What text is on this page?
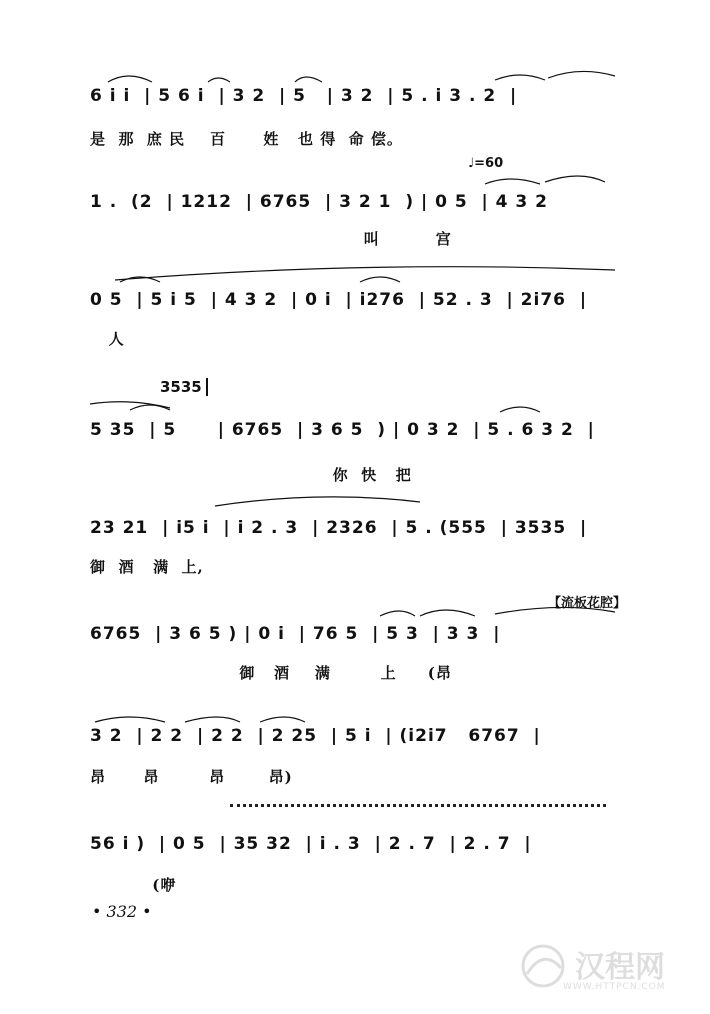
6 i i  | 5 6 i  | 3 2  | 5   | 3 2  | 5 . i 3 . 2  |
是  那  庶 民    百      姓   也 得  命 偿。
♩=60
1 .  (2  | 1212  | 6765  | 3 2 1  ) | 0 5  | 4 3 2
叫         宫
0 5  | 5 i 5  | 4 3 2  | 0 i  | i276  | 52 . 3  | 2i76  |
人
3535
5 35  | 5      | 6765  | 3 6 5  ) | 0 3 2  | 5 . 6 3 2  |
你  快   把
23 21  | i5 i  | i 2 . 3  | 2326  | 5 . (555  | 3535  |
御  酒   满  上,
【流板花腔】
6765  | 3 6 5 ) | 0 i  | 76 5  | 5 3  | 3 3  |
御   酒    满        上     (昂
3 2  | 2 2  | 2 2  | 2 25  | 5 i  | (i2i7   6767  |
昂      昂        昂       昂)
56 i )  | 0 5  | 35 32  | i . 3  | 2 . 7  | 2 . 7  |
(咿
• 332 •
汉程网
WWW.HTTPCN.COM
